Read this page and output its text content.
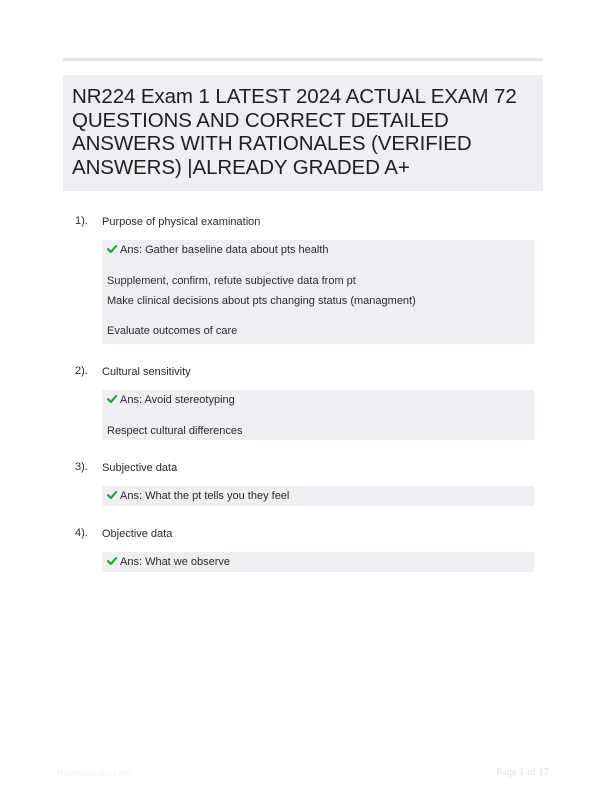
NR224 Exam 1 LATEST 2024 ACTUAL EXAM 72 QUESTIONS AND CORRECT DETAILED ANSWERS WITH RATIONALES (VERIFIED ANSWERS) |ALREADY GRADED A+
1).	Purpose of physical examination
Ans: Gather baseline data about pts health
Supplement, confirm, refute subjective data from pt
Make clinical decisions about pts changing status (managment)
Evaluate outcomes of care
2).	Cultural sensitivity
Ans: Avoid stereotyping
Respect cultural differences
3).	Subjective data
Ans: What the pt tells you they feel
4).	Objective data
Ans: What we observe
Paperstudio.com	Page 1 of 17
